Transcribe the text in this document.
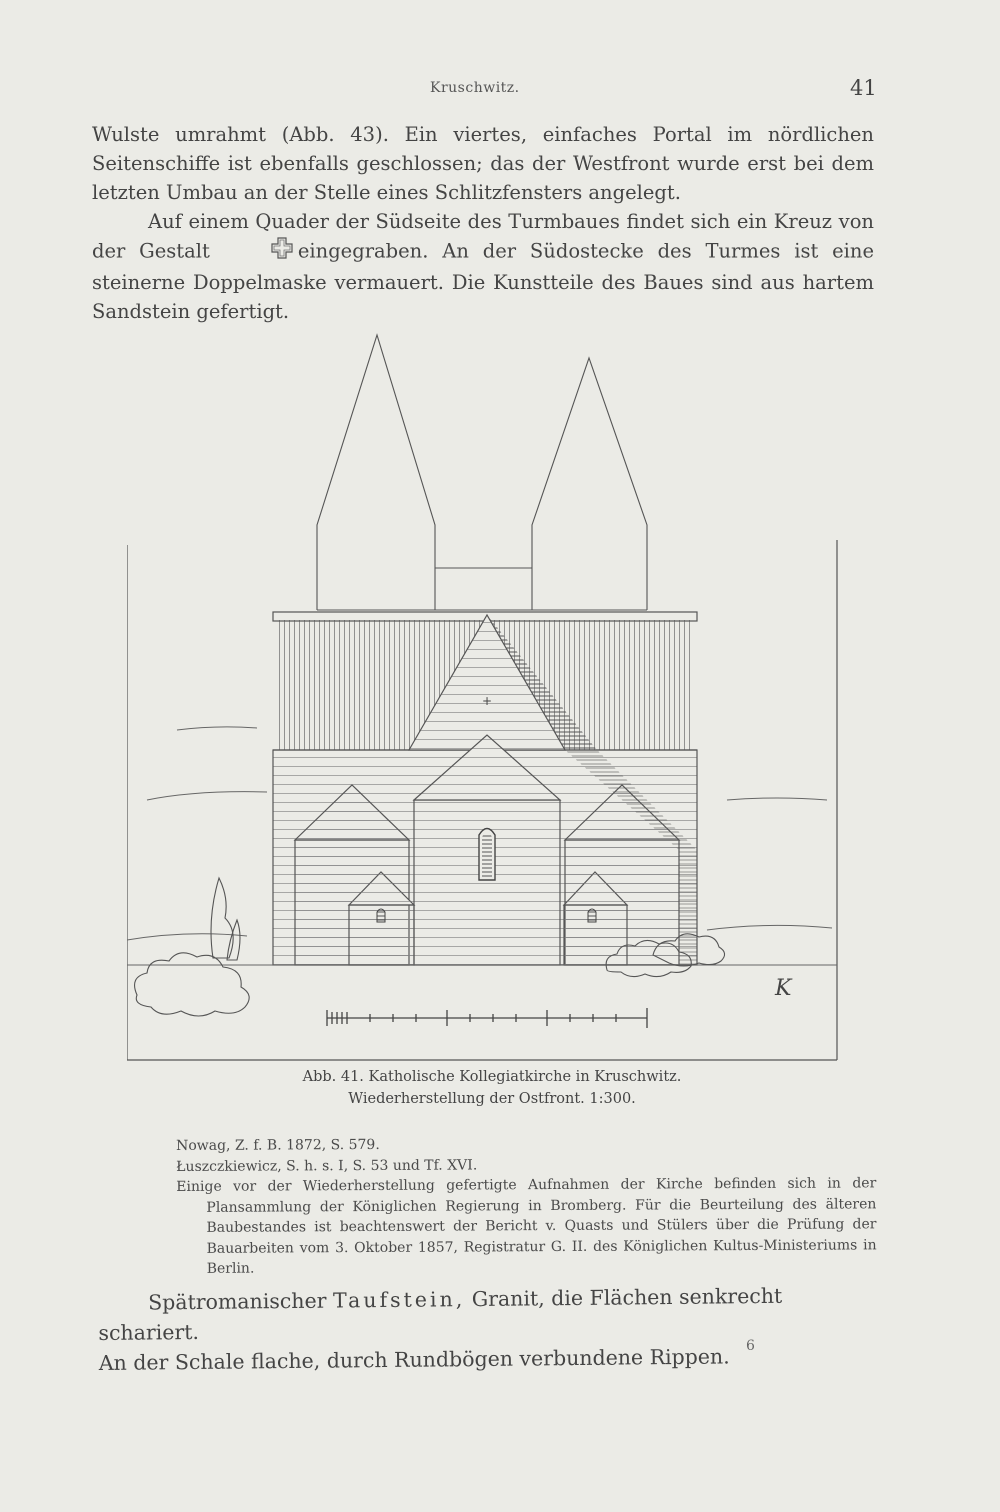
Kruschwitz.	41

Wulste umrahmt (Abb. 43). Ein viertes, einfaches Portal im nördlichen Seitenschiffe ist ebenfalls geschlossen; das der Westfront wurde erst bei dem letzten Umbau an der Stelle eines Schlitzfensters angelegt.

Auf einem Quader der Südseite des Turmbaues findet sich ein Kreuz von der Gestalt	eingegraben. An der Südostecke des Turmes ist eine steinerne Doppelmaske vermauert. Die Kunstteile des Baues sind aus hartem Sandstein gefertigt.

+
K
Abb. 41. Katholische Kollegiatkirche in Kruschwitz.
Wiederherstellung der Ostfront. 1:300.

Nowag, Z. f. B. 1872, S. 579.

Łuszczkiewicz, S. h. s. I, S. 53 und Tf. XVI.

Einige vor der Wiederherstellung gefertigte Aufnahmen der Kirche befinden sich in der Plansammlung der Königlichen Regierung in Bromberg. Für die Beurteilung des älteren Baubestandes ist beachtenswert der Bericht v. Quasts und Stülers über die Prüfung der Bauarbeiten vom 3. Oktober 1857, Registratur G. II. des Königlichen Kultus-Ministeriums in Berlin.

Spätromanischer Taufstein, Granit, die Flächen senkrecht schariert.

An der Schale flache, durch Rundbögen verbundene Rippen.	6
